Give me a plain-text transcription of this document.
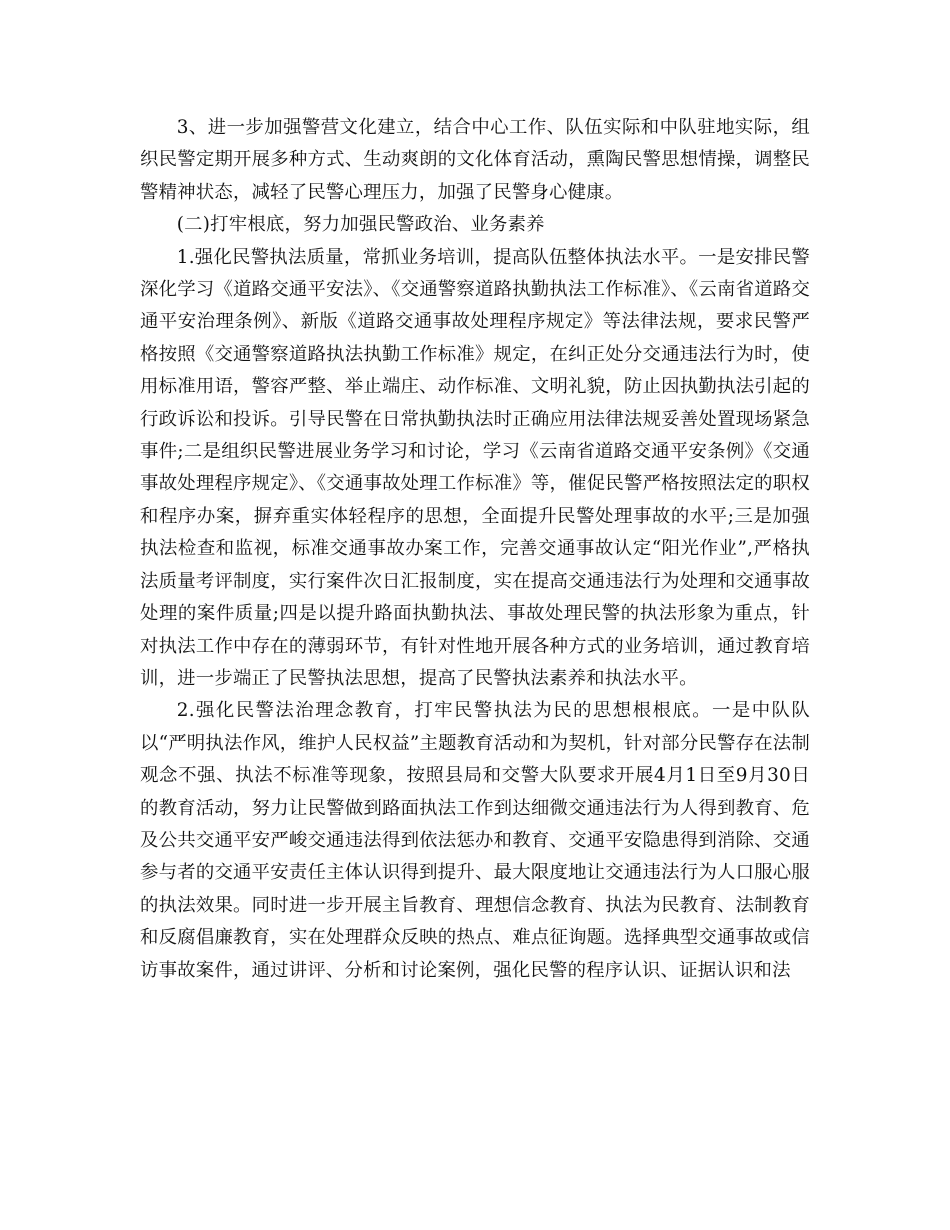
3、进一步加强警营文化建立，结合中心工作、队伍实际和中队驻地实际，组织民警定期开展多种方式、生动爽朗的文化体育活动，熏陶民警思想情操，调整民警精神状态，减轻了民警心理压力，加强了民警身心健康。

(二)打牢根底，努力加强民警政治、业务素养

1.强化民警执法质量，常抓业务培训，提高队伍整体执法水平。一是安排民警深化学习《道路交通平安法》、《交通警察道路执勤执法工作标准》、《云南省道路交通平安治理条例》、新版《道路交通事故处理程序规定》等法律法规，要求民警严格按照《交通警察道路执法执勤工作标准》规定，在纠正处分交通违法行为时，使用标准用语，警容严整、举止端庄、动作标准、文明礼貌，防止因执勤执法引起的行政诉讼和投诉。引导民警在日常执勤执法时正确应用法律法规妥善处置现场紧急事件;二是组织民警进展业务学习和讨论，学习《云南省道路交通平安条例》《交通事故处理程序规定》、《交通事故处理工作标准》等，催促民警严格按照法定的职权和程序办案，摒弃重实体轻程序的思想，全面提升民警处理事故的水平;三是加强执法检查和监视，标准交通事故办案工作，完善交通事故认定“阳光作业”,严格执法质量考评制度，实行案件次日汇报制度，实在提高交通违法行为处理和交通事故处理的案件质量;四是以提升路面执勤执法、事故处理民警的执法形象为重点，针对执法工作中存在的薄弱环节，有针对性地开展各种方式的业务培训，通过教育培训，进一步端正了民警执法思想，提高了民警执法素养和执法水平。

2.强化民警法治理念教育，打牢民警执法为民的思想根根底。一是中队队以“严明执法作风，维护人民权益”主题教育活动和为契机，针对部分民警存在法制观念不强、执法不标准等现象，按照县局和交警大队要求开展4月1日至9月30日的教育活动，努力让民警做到路面执法工作到达细微交通违法行为人得到教育、危及公共交通平安严峻交通违法得到依法惩办和教育、交通平安隐患得到消除、交通参与者的交通平安责任主体认识得到提升、最大限度地让交通违法行为人口服心服的执法效果。同时进一步开展主旨教育、理想信念教育、执法为民教育、法制教育和反腐倡廉教育，实在处理群众反映的热点、难点征询题。选择典型交通事故或信访事故案件，通过讲评、分析和讨论案例，强化民警的程序认识、证据认识和法
